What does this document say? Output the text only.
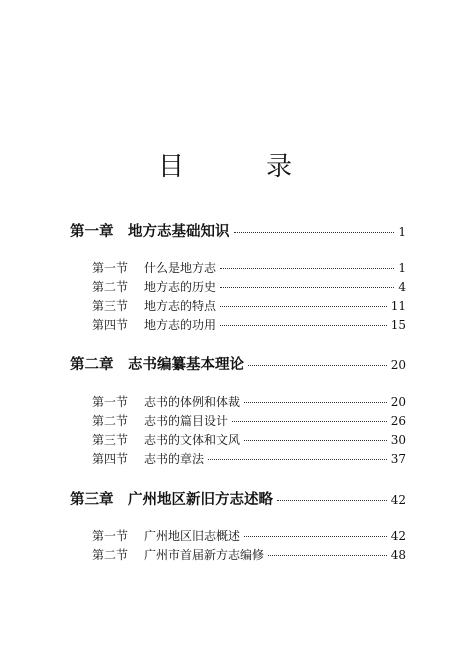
目　录
第一章	地方志基础知识	1
第一节	什么是地方志	1
第二节	地方志的历史	4
第三节	地方志的特点	11
第四节	地方志的功用	15
第二章	志书编纂基本理论	20
第一节	志书的体例和体裁	20
第二节	志书的篇目设计	26
第三节	志书的文体和文风	30
第四节	志书的章法	37
第三章	广州地区新旧方志述略	42
第一节	广州地区旧志概述	42
第二节	广州市首届新方志编修	48
